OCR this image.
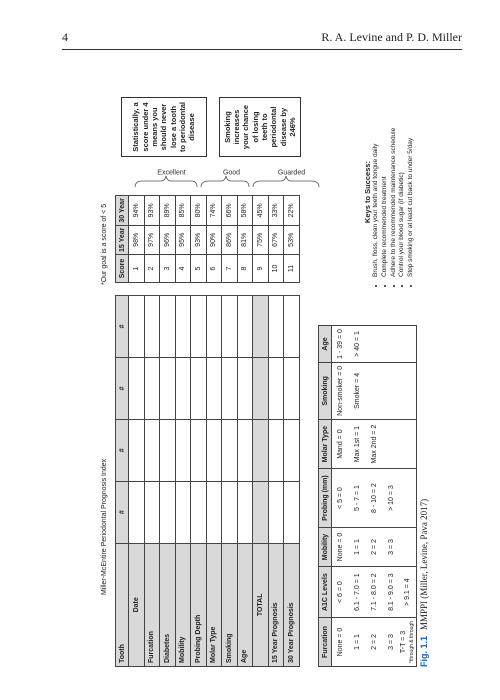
4	R. A. Levine and P. D. Miller
Miller-McEntire Periodontal Prognosis Index
*Our goal is a score of < 5
Tooth	#	#	#	#
Date				
Furcation				
Diabetes				
Mobility				
Probing Depth				
Molar Type				
Smoking				
Age				
TOTAL				
15 Year Prognosis				
30 Year Prognosis				
Score	15 Year	30 Year
1	98%	94%
2	97%	93%
3	96%	89%
4	95%	85%
5	93%	80%
6	90%	74%
7	86%	66%
8	81%	58%
9	75%	45%
10	67%	33%
11	53%	22%
Excellent	Good	Guarded
Statistically, a score under 4 means you should never lose a tooth to periodontal disease	Smoking increases your chance of losing teeth to periodontal disease by 246%
Furcation	A1C Levels	Mobility	Probing (mm)	Molar Type	Smoking	Age
None = 0	< 6 = 0	None = 0	< 5 = 0	Mand = 0	Non-smoker = 0	1 - 39 = 0
1 = 1	6.1 - 7.0 = 1	1 = 1	5 - 7 = 1	Max 1st = 1	Smoker = 4	> 40 = 1
2 = 2	7.1 - 8.0 = 2	2 = 2	8 - 10 = 2	Max 2nd = 2		
3 = 3	8.1 - 9.0 = 3	3 = 3	> 10 = 3			
T-T = 3
*through & through	> 9.1 = 4					
Keys to Success: • Brush, floss, clean your teeth and tongue daily • Complete recommended treatment • Adhere to the recommended maintenance schedule • Control your blood sugar (if diabetic) • Stop smoking or at least cut back to under 5/day
Fig. 1.1MMPPI (Miller, Levine, Pava 2017)
